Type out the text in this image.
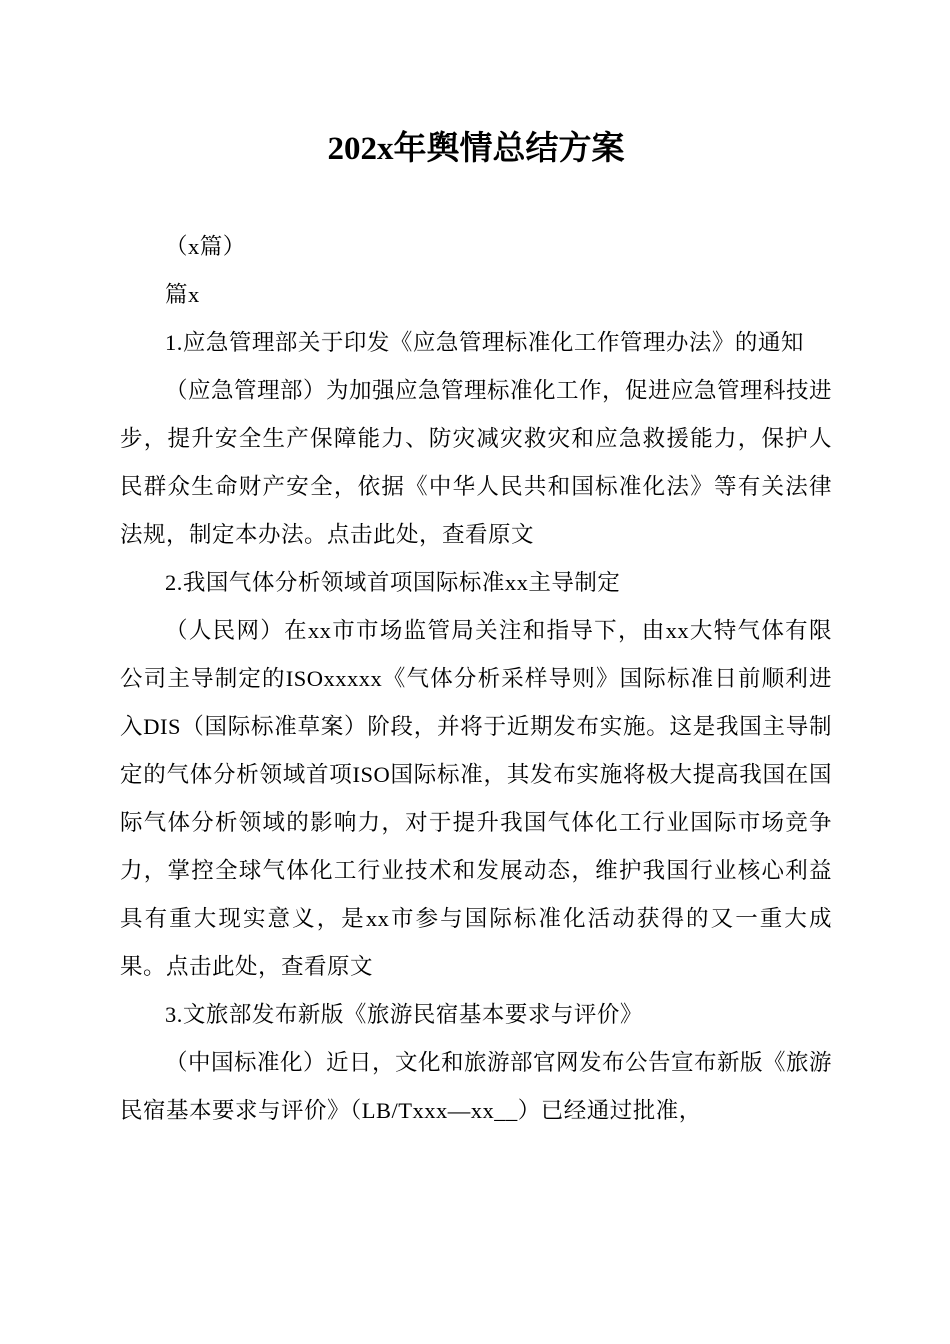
202x年舆情总结方案

（x篇）

篇x

1.应急管理部关于印发《应急管理标准化工作管理办法》的通知

（应急管理部）为加强应急管理标准化工作，促进应急管理科技进步，提升安全生产保障能力、防灾减灾救灾和应急救援能力，保护人民群众生命财产安全，依据《中华人民共和国标准化法》等有关法律法规，制定本办法。点击此处，查看原文

2.我国气体分析领域首项国际标准xx主导制定

（人民网）在xx市市场监管局关注和指导下，由xx大特气体有限公司主导制定的ISOxxxxx《气体分析采样导则》国际标准日前顺利进入DIS（国际标准草案）阶段，并将于近期发布实施。这是我国主导制定的气体分析领域首项ISO国际标准，其发布实施将极大提高我国在国际气体分析领域的影响力，对于提升我国气体化工行业国际市场竞争力，掌控全球气体化工行业技术和发展动态，维护我国行业核心利益具有重大现实意义，是xx市参与国际标准化活动获得的又一重大成果。点击此处，查看原文

3.文旅部发布新版《旅游民宿基本要求与评价》

（中国标准化）近日，文化和旅游部官网发布公告宣布新版《旅游民宿基本要求与评价》（LB/Txxx—xx__）已经通过批准，
